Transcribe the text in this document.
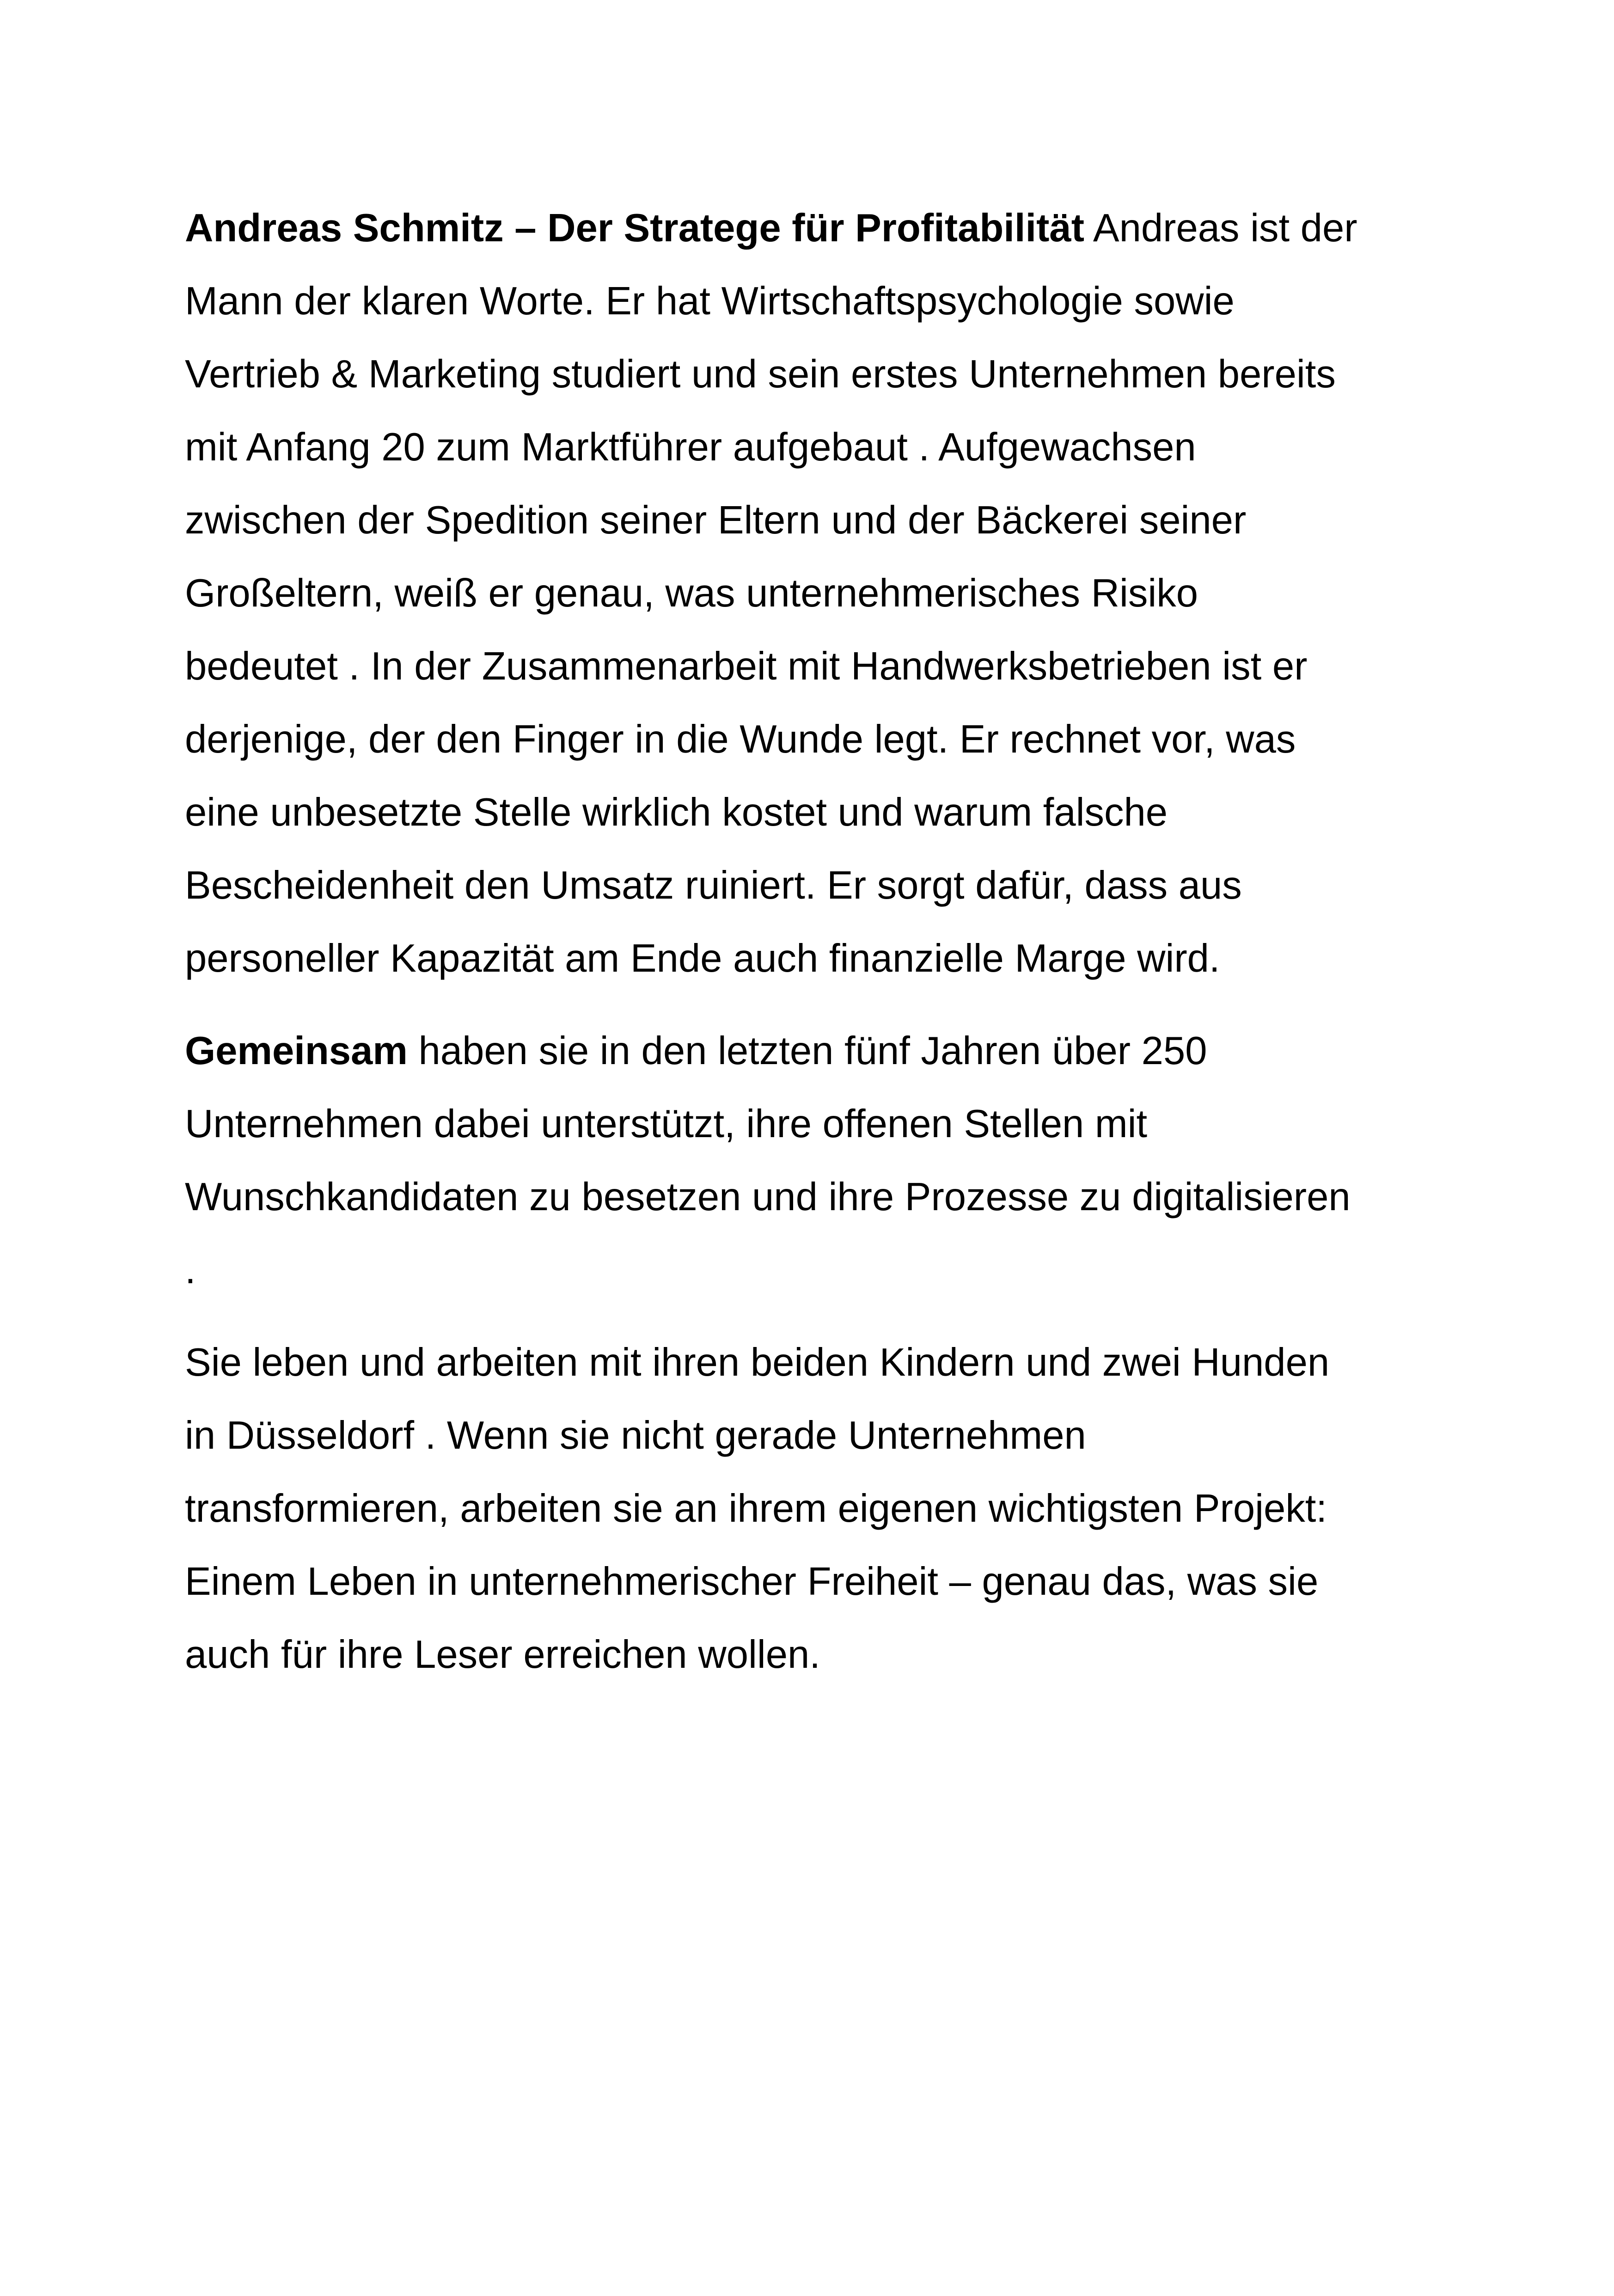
Andreas Schmitz – Der Stratege für Profitabilität Andreas ist der
Mann der klaren Worte. Er hat Wirtschaftspsychologie sowie
Vertrieb & Marketing studiert und sein erstes Unternehmen bereits
mit Anfang 20 zum Marktführer aufgebaut . Aufgewachsen
zwischen der Spedition seiner Eltern und der Bäckerei seiner
Großeltern, weiß er genau, was unternehmerisches Risiko
bedeutet . In der Zusammenarbeit mit Handwerksbetrieben ist er
derjenige, der den Finger in die Wunde legt. Er rechnet vor, was
eine unbesetzte Stelle wirklich kostet und warum falsche
Bescheidenheit den Umsatz ruiniert. Er sorgt dafür, dass aus
personeller Kapazität am Ende auch finanzielle Marge wird.

Gemeinsam haben sie in den letzten fünf Jahren über 250
Unternehmen dabei unterstützt, ihre offenen Stellen mit
Wunschkandidaten zu besetzen und ihre Prozesse zu digitalisieren
.

Sie leben und arbeiten mit ihren beiden Kindern und zwei Hunden
in Düsseldorf . Wenn sie nicht gerade Unternehmen
transformieren, arbeiten sie an ihrem eigenen wichtigsten Projekt:
Einem Leben in unternehmerischer Freiheit – genau das, was sie
auch für ihre Leser erreichen wollen.
